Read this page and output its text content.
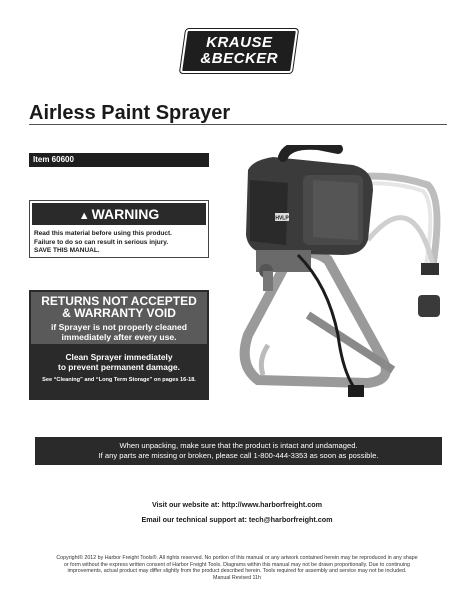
KRAUSE
&BECKER
Airless Paint Sprayer
Item 60600
▲ WARNING
Read this material before using this product.
Failure to do so can result in serious injury.
SAVE THIS MANUAL.
RETURNS NOT ACCEPTED
& WARRANTY VOID
if Sprayer is not properly cleaned
immediately after every use.
Clean Sprayer immediately
to prevent permanent damage.
See “Cleaning” and “Long Term Storage” on pages 16-18.
HVLP
When unpacking, make sure that the product is intact and undamaged.
If any parts are missing or broken, please call 1-800-444-3353 as soon as possible.
Visit our website at: http://www.harborfreight.com
Email our technical support at: tech@harborfreight.com
Copyright© 2012 by Harbor Freight Tools®. All rights reserved. No portion of this manual or any artwork contained herein may be reproduced in any shape
or form without the express written consent of Harbor Freight Tools. Diagrams within this manual may not be drawn proportionally. Due to continuing
improvements, actual product may differ slightly from the product described herein. Tools required for assembly and service may not be included.
Manual Revised 11h
